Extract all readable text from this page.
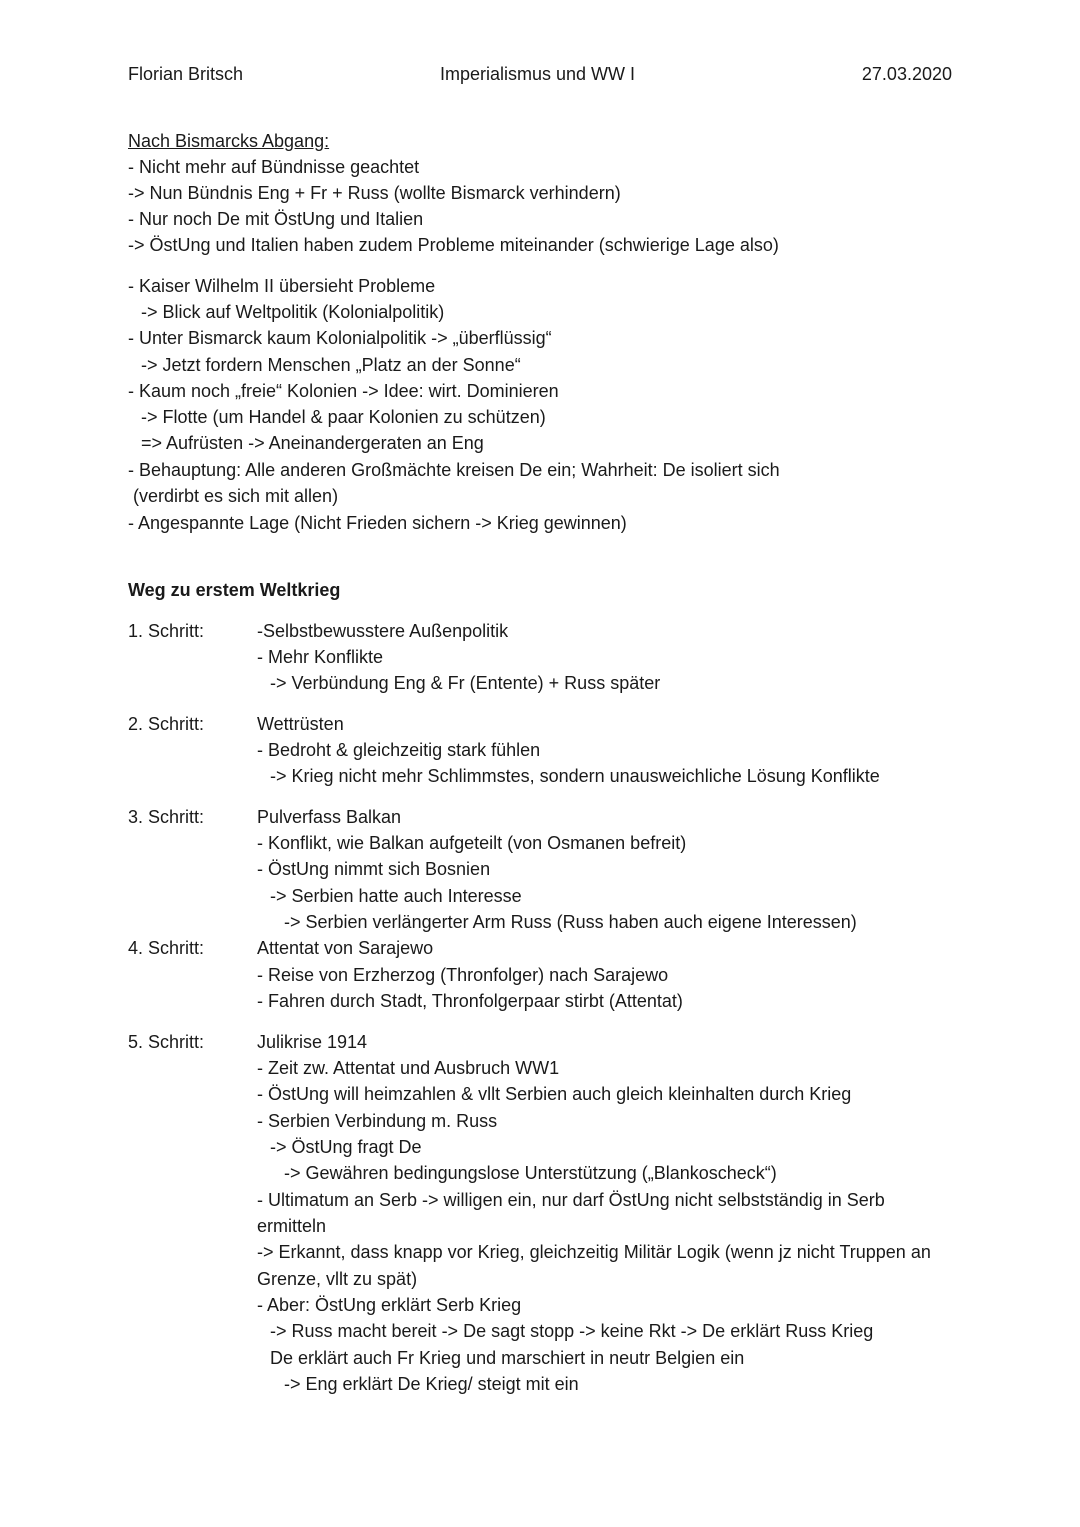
Florian Britsch	Imperialismus und WW I	27.03.2020
Nach Bismarcks Abgang:
- Nicht mehr auf Bündnisse geachtet
-> Nun Bündnis Eng + Fr + Russ (wollte Bismarck verhindern)
- Nur noch De mit ÖstUng und Italien
-> ÖstUng und Italien haben zudem Probleme miteinander (schwierige Lage also)
- Kaiser Wilhelm II übersieht Probleme
-> Blick auf Weltpolitik (Kolonialpolitik)
- Unter Bismarck kaum Kolonialpolitik -> „überflüssig“
-> Jetzt fordern Menschen „Platz an der Sonne“
- Kaum noch „freie“ Kolonien -> Idee: wirt. Dominieren
-> Flotte (um Handel & paar Kolonien zu schützen)
=> Aufrüsten -> Aneinandergeraten an Eng
- Behauptung: Alle anderen Großmächte kreisen De ein; Wahrheit: De isoliert sich
(verdirbt es sich mit allen)
- Angespannte Lage (Nicht Frieden sichern -> Krieg gewinnen)
Weg zu erstem Weltkrieg
1. Schritt:	-Selbstbewusstere Außenpolitik
- Mehr Konflikte
-> Verbündung Eng & Fr (Entente) + Russ später
2. Schritt:	Wettrüsten
- Bedroht & gleichzeitig stark fühlen
-> Krieg nicht mehr Schlimmstes, sondern unausweichliche Lösung Konflikte
3. Schritt:	Pulverfass Balkan
- Konflikt, wie Balkan aufgeteilt (von Osmanen befreit)
- ÖstUng nimmt sich Bosnien
-> Serbien hatte auch Interesse
-> Serbien verlängerter Arm Russ (Russ haben auch eigene Interessen)
4. Schritt:	Attentat von Sarajewo
- Reise von Erzherzog (Thronfolger) nach Sarajewo
- Fahren durch Stadt, Thronfolgerpaar stirbt (Attentat)
5. Schritt:	Julikrise 1914
- Zeit zw. Attentat und Ausbruch WW1
- ÖstUng will heimzahlen & vllt Serbien auch gleich kleinhalten durch Krieg
- Serbien Verbindung m. Russ
-> ÖstUng fragt De
-> Gewähren bedingungslose Unterstützung („Blankoscheck“)
- Ultimatum an Serb -> willigen ein, nur darf ÖstUng nicht selbstständig in Serb
ermitteln
-> Erkannt, dass knapp vor Krieg, gleichzeitig Militär Logik (wenn jz nicht Truppen an
Grenze, vllt zu spät)
- Aber: ÖstUng erklärt Serb Krieg
-> Russ macht bereit -> De sagt stopp -> keine Rkt -> De erklärt Russ Krieg
De erklärt auch Fr Krieg und marschiert in neutr Belgien ein
-> Eng erklärt De Krieg/ steigt mit ein
